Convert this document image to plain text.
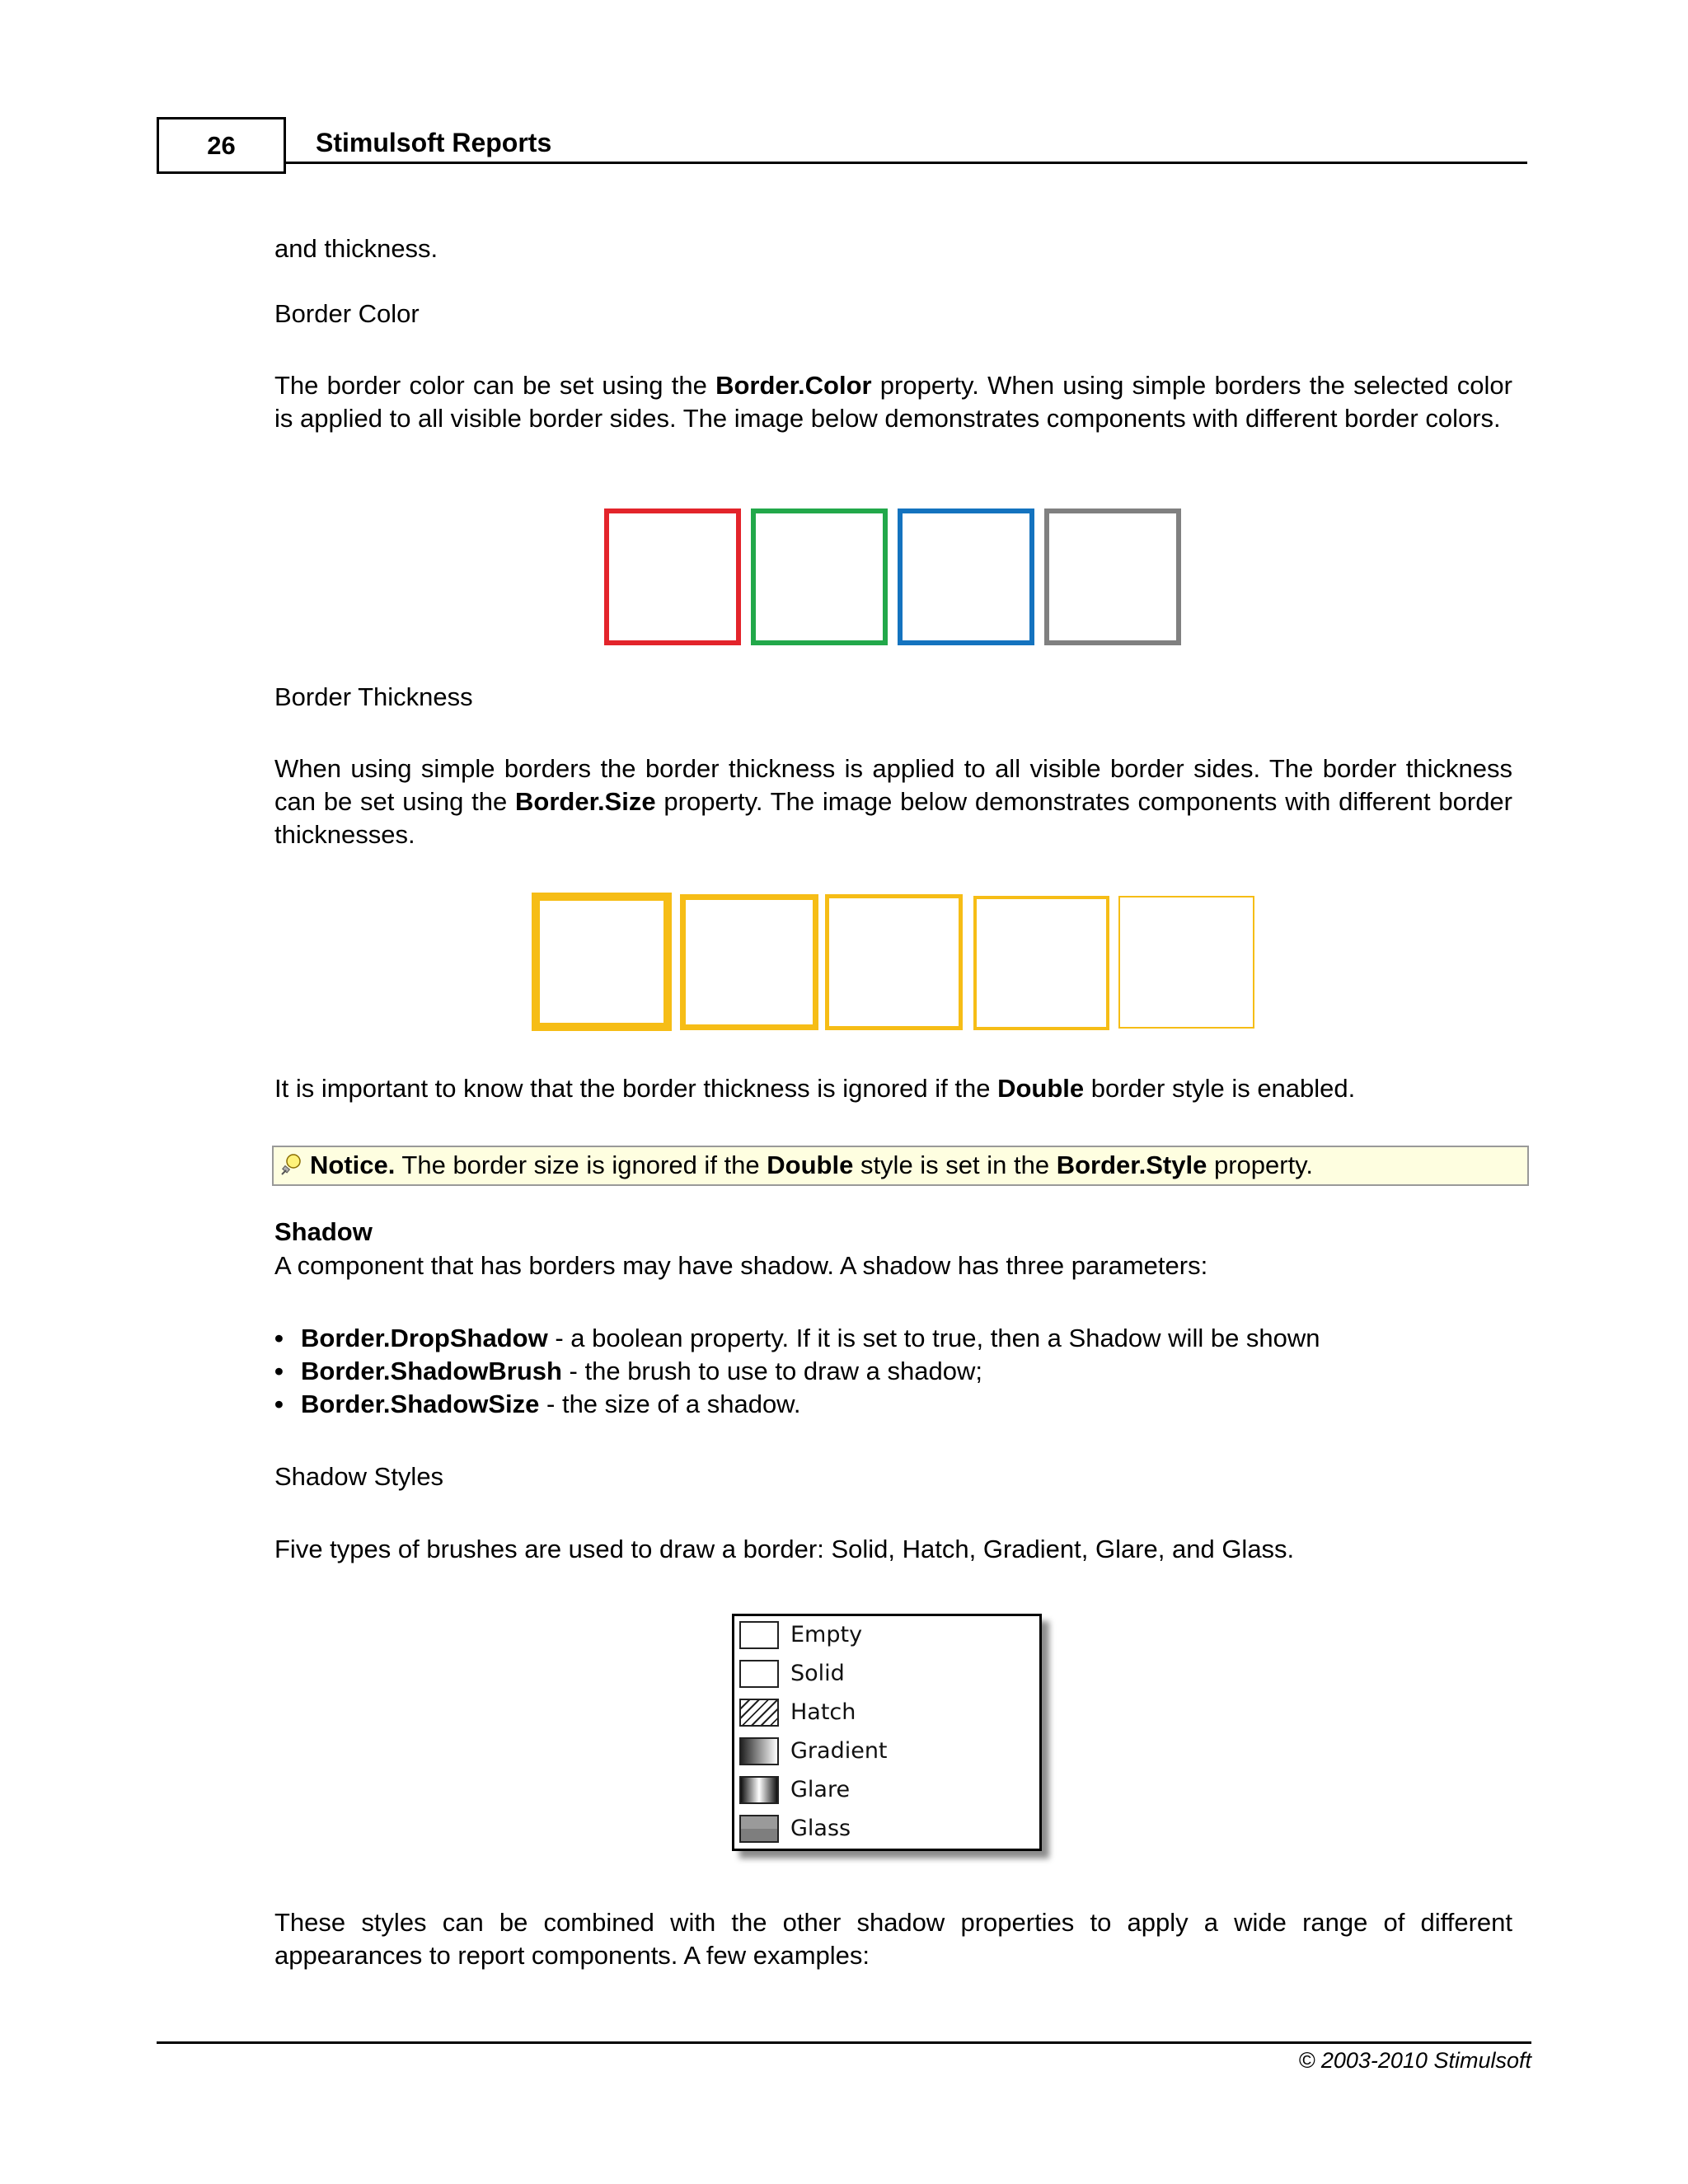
26	Stimulsoft Reports
and thickness.
Border Color
The border color can be set using the Border.Color property. When using simple borders the selected color is applied to all visible border sides. The image below demonstrates components with different border colors.
Border Thickness
When using simple borders the border thickness is applied to all visible border sides. The border thickness can be set using the Border.Size property. The image below demonstrates components with different border thicknesses.
It is important to know that the border thickness is ignored if the Double border style is enabled.
Notice. The border size is ignored if the Double style is set in the Border.Style property.
Shadow
A component that has borders may have shadow. A shadow has three parameters:
• Border.DropShadow - a boolean property. If it is set to true, then a Shadow will be shown
• Border.ShadowBrush - the brush to use to draw a shadow;
• Border.ShadowSize - the size of a shadow.
Shadow Styles
Five types of brushes are used to draw a border: Solid, Hatch, Gradient, Glare, and Glass.
Empty
Solid
Hatch
Gradient
Glare
Glass
These styles can be combined with the other shadow properties to apply a wide range of different appearances to report components. A few examples:
© 2003-2010 Stimulsoft
